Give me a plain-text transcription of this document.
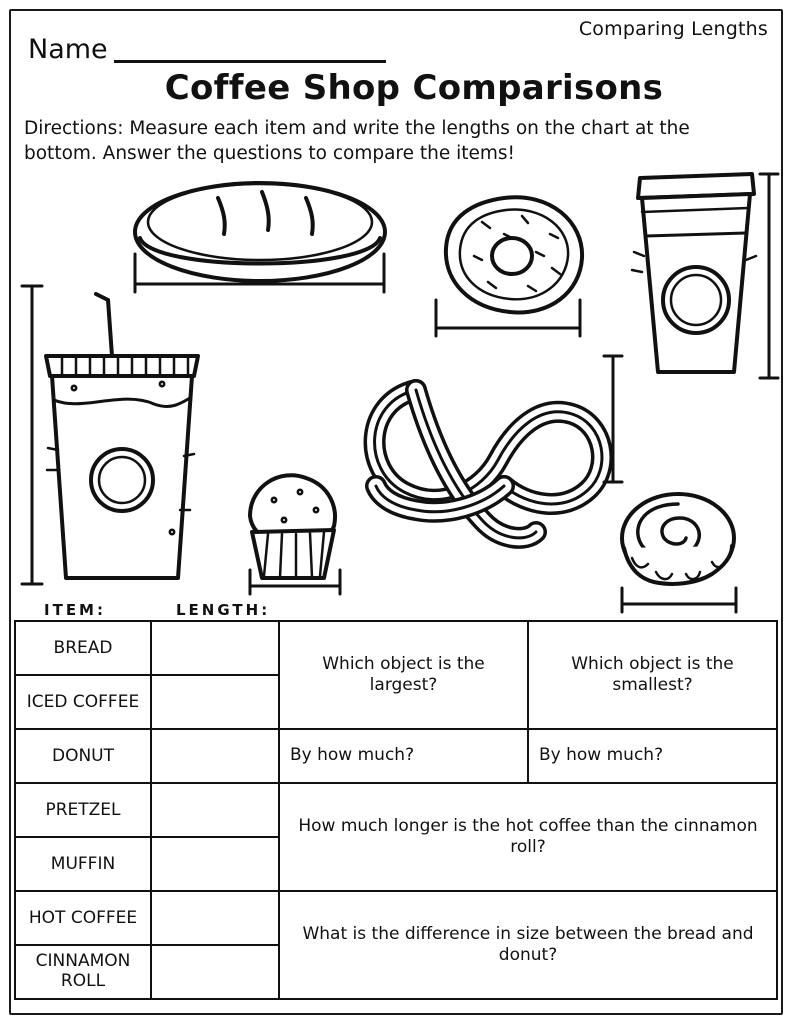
Comparing Lengths
Name
Coffee Shop Comparisons
Directions: Measure each item and write the lengths on the chart at the bottom. Answer the questions to compare the items!
ITEM:	LENGTH:
BREAD		Which object is the largest?	Which object is the smallest?
ICED COFFEE			
DONUT		By how much?	By how much?
PRETZEL		How much longer is the hot coffee than the cinnamon roll?	
MUFFIN			
HOT COFFEE		What is the difference in size between the bread and donut?	
CINNAMON ROLL			
